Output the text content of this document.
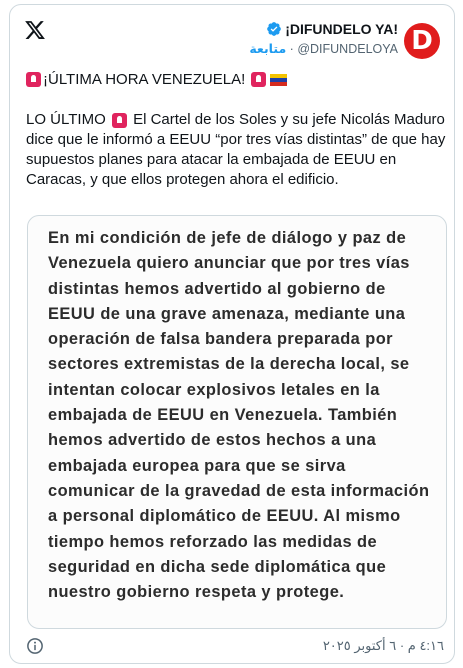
¡DIFUNDELO YA!
متابعة · @DIFUNDELOYA D
¡ÚLTIMA HORA VENEZUELA!
LO ÚLTIMO El Cartel de los Soles y su jefe Nicolás Maduro dice que le informó a EEUU “por tres vías distintas” de que hay supuestos planes para atacar la embajada de EEUU en Caracas, y que ellos protegen ahora el edificio.
En mi condición de jefe de diálogo y paz de
Venezuela quiero anunciar que por tres vías
distintas hemos advertido al gobierno de
EEUU de una grave amenaza, mediante una
operación de falsa bandera preparada por
sectores extremistas de la derecha local, se
intentan colocar explosivos letales en la
embajada de EEUU en Venezuela. También
hemos advertido de estos hechos a una
embajada europea para que se sirva
comunicar de la gravedad de esta información
a personal diplomático de EEUU. Al mismo
tiempo hemos reforzado las medidas de
seguridad en dicha sede diplomática que
nuestro gobierno respeta y protege.
٤:١٦ م · ٦ أكتوبر ٢٠٢٥
